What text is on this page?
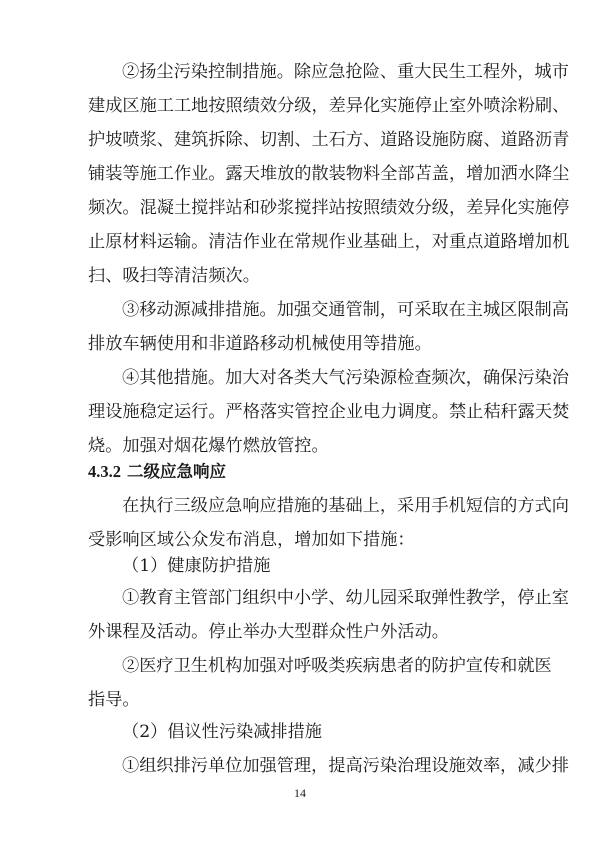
②扬尘污染控制措施。除应急抢险、重大民生工程外，城市
建成区施工工地按照绩效分级，差异化实施停止室外喷涂粉刷、
护坡喷浆、建筑拆除、切割、土石方、道路设施防腐、道路沥青
铺装等施工作业。露天堆放的散装物料全部苫盖，增加洒水降尘
频次。混凝土搅拌站和砂浆搅拌站按照绩效分级，差异化实施停
止原材料运输。清洁作业在常规作业基础上，对重点道路增加机
扫、吸扫等清洁频次。
③移动源减排措施。加强交通管制，可采取在主城区限制高
排放车辆使用和非道路移动机械使用等措施。
④其他措施。加大对各类大气污染源检查频次，确保污染治
理设施稳定运行。严格落实管控企业电力调度。禁止秸秆露天焚
烧。加强对烟花爆竹燃放管控。
4.3.2 二级应急响应
在执行三级应急响应措施的基础上，采用手机短信的方式向
受影响区域公众发布消息，增加如下措施：
（1）健康防护措施
①教育主管部门组织中小学、幼儿园采取弹性教学，停止室
外课程及活动。停止举办大型群众性户外活动。
②医疗卫生机构加强对呼吸类疾病患者的防护宣传和就医
指导。
（2）倡议性污染减排措施
①组织排污单位加强管理，提高污染治理设施效率，减少排
14
